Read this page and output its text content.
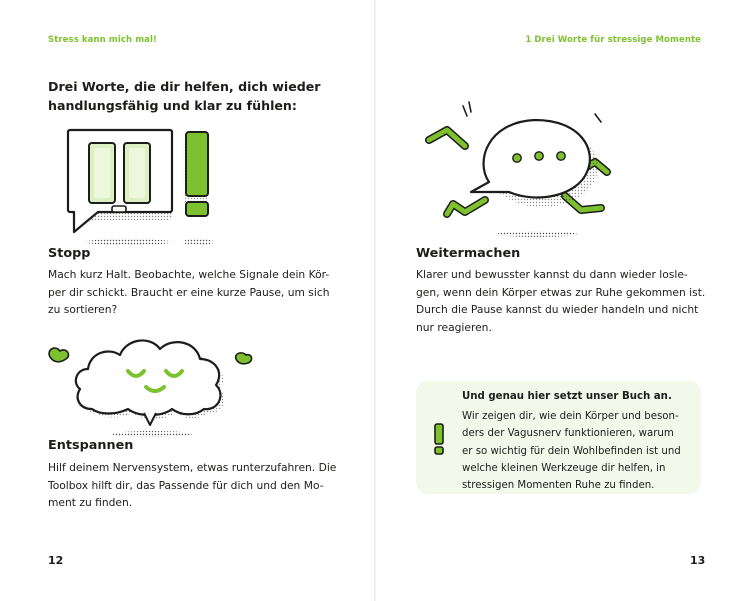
Stress kann mich mal!	1 Drei Worte für stressige Momente
Drei Worte, die dir helfen, dich wieder
handlungsfähig und klar zu fühlen:
Stopp
Mach kurz Halt. Beobachte, welche Signale dein Kör-
per dir schickt. Braucht er eine kurze Pause, um sich
zu sortieren?
Entspannen
Hilf deinem Nervensystem, etwas runterzufahren. Die
Toolbox hilft dir, das Passende für dich und den Mo-
ment zu finden.
12
Weitermachen
Klarer und bewusster kannst du dann wieder losle-
gen, wenn dein Körper etwas zur Ruhe gekommen ist.
Durch die Pause kannst du wieder handeln und nicht
nur reagieren.
Und genau hier setzt unser Buch an.
Wir zeigen dir, wie dein Körper und beson-
ders der Vagusnerv funktionieren, warum
er so wichtig für dein Wohlbefinden ist und
welche kleinen Werkzeuge dir helfen, in
stressigen Momenten Ruhe zu finden.
13
